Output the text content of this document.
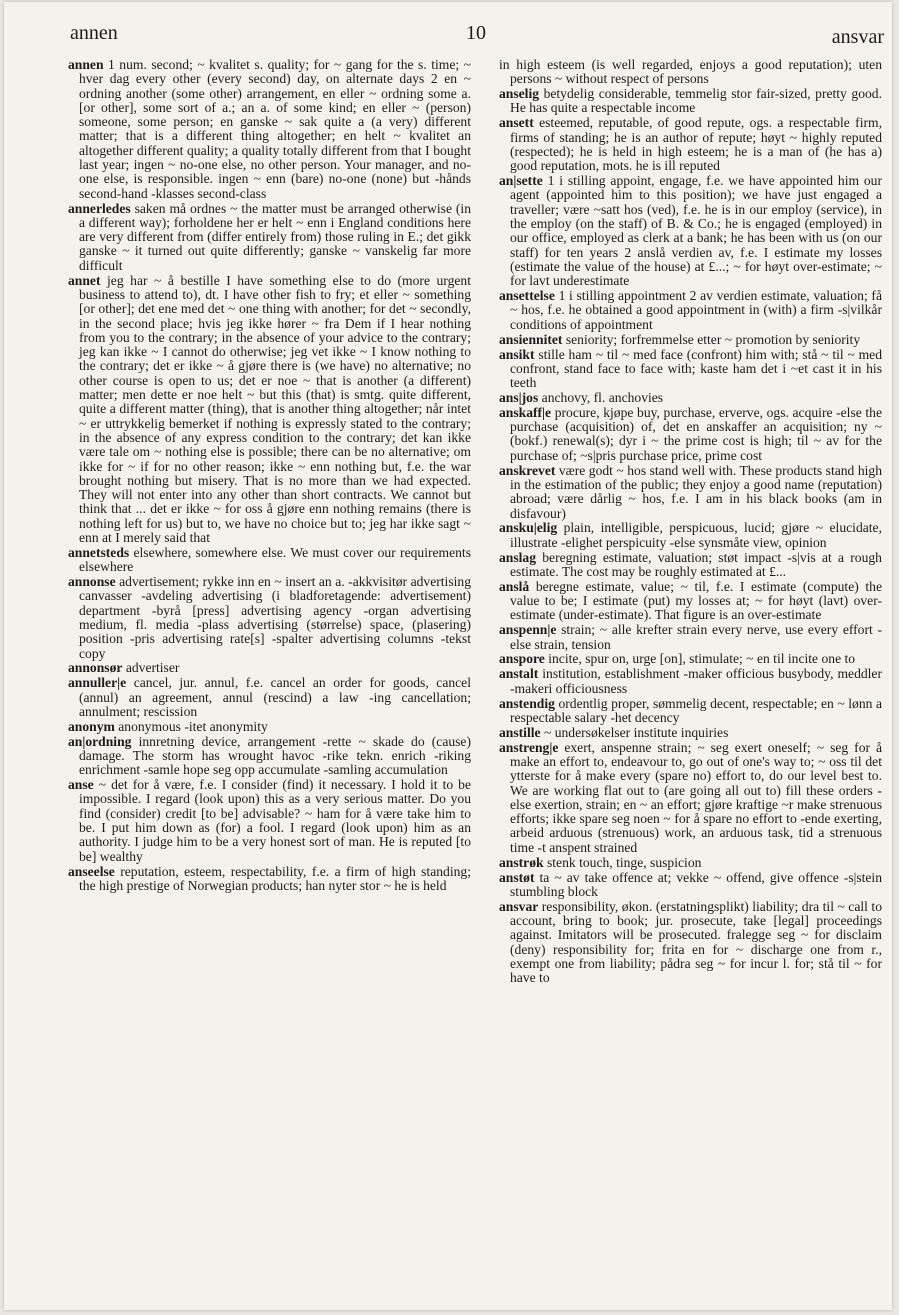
annen	10	ansvar

annen 1 num. second; ~ kvalitet s. quality; for ~ gang for the s. time; ~ hver dag every other (every second) day, on alternate days 2 en ~ ordning another (some other) arrangement, en eller ~ ordning some a. [or other], some sort of a.; an a. of some kind; en eller ~ (person) someone, some person; en ganske ~ sak quite a (a very) different matter; that is a different thing altogether; en helt ~ kvalitet an altogether different quality; a quality totally different from that I bought last year; ingen ~ no-one else, no other person. Your manager, and no-one else, is responsible. ingen ~ enn (bare) no-one (none) but -hånds second-hand -klasses second-class

annerledes saken må ordnes ~ the matter must be arranged otherwise (in a different way); forholdene her er helt ~ enn i England conditions here are very different from (differ entirely from) those ruling in E.; det gikk ganske ~ it turned out quite differently; ganske ~ vanskelig far more difficult

annet jeg har ~ å bestille I have something else to do (more urgent business to attend to), dt. I have other fish to fry; et eller ~ something [or other]; det ene med det ~ one thing with another; for det ~ secondly, in the second place; hvis jeg ikke hører ~ fra Dem if I hear nothing from you to the contrary; in the absence of your advice to the contrary; jeg kan ikke ~ I cannot do otherwise; jeg vet ikke ~ I know nothing to the contrary; det er ikke ~ å gjøre there is (we have) no alternative; no other course is open to us; det er noe ~ that is another (a different) matter; men dette er noe helt ~ but this (that) is smtg. quite different, quite a different matter (thing), that is another thing altogether; når intet ~ er uttrykkelig bemerket if nothing is expressly stated to the contrary; in the absence of any express condition to the contrary; det kan ikke være tale om ~ nothing else is possible; there can be no alternative; om ikke for ~ if for no other reason; ikke ~ enn nothing but, f.e. the war brought nothing but misery. That is no more than we had expected. They will not enter into any other than short contracts. We cannot but think that ... det er ikke ~ for oss å gjøre enn nothing remains (there is nothing left for us) but to, we have no choice but to; jeg har ikke sagt ~ enn at I merely said that

annetsteds elsewhere, somewhere else. We must cover our requirements elsewhere

annonse advertisement; rykke inn en ~ insert an a. -akkvisitør advertising canvasser -avdeling advertising (i bladforetagende: advertisement) department -byrå [press] advertising agency -organ advertising medium, fl. media -plass advertising (størrelse) space, (plasering) position -pris advertising rate[s] -spalter advertising columns -tekst copy

annonsør advertiser

annuller|e cancel, jur. annul, f.e. cancel an order for goods, cancel (annul) an agreement, annul (rescind) a law -ing cancellation; annulment; rescission

anonym anonymous -itet anonymity

an|ordning innretning device, arrangement -rette ~ skade do (cause) damage. The storm has wrought havoc -rike tekn. enrich -riking enrichment -samle hope seg opp accumulate -samling accumulation

anse ~ det for å være, f.e. I consider (find) it necessary. I hold it to be impossible. I regard (look upon) this as a very serious matter. Do you find (consider) credit [to be] advisable? ~ ham for å være take him to be. I put him down as (for) a fool. I regard (look upon) him as an authority. I judge him to be a very honest sort of man. He is reputed [to be] wealthy

anseelse reputation, esteem, respectability, f.e. a firm of high standing; the high prestige of Norwegian products; han nyter stor ~ he is held

in high esteem (is well regarded, enjoys a good reputation); uten persons ~ without respect of persons

anselig betydelig considerable, temmelig stor fair-sized, pretty good. He has quite a respectable income

ansett esteemed, reputable, of good repute, ogs. a respectable firm, firms of standing; he is an author of repute; høyt ~ highly reputed (respected); he is held in high esteem; he is a man of (he has a) good reputation, mots. he is ill reputed

an|sette 1 i stilling appoint, engage, f.e. we have appointed him our agent (appointed him to this position); we have just engaged a traveller; være ~satt hos (ved), f.e. he is in our employ (service), in the employ (on the staff) of B. & Co.; he is engaged (employed) in our office, employed as clerk at a bank; he has been with us (on our staff) for ten years 2 anslå verdien av, f.e. I estimate my losses (estimate the value of the house) at £...; ~ for høyt over-estimate; ~ for lavt underestimate

ansettelse 1 i stilling appointment 2 av verdien estimate, valuation; få ~ hos, f.e. he obtained a good appointment in (with) a firm -s|vilkår conditions of appointment

ansiennitet seniority; forfremmelse etter ~ promotion by seniority

ansikt stille ham ~ til ~ med face (confront) him with; stå ~ til ~ med confront, stand face to face with; kaste ham det i ~et cast it in his teeth

ans|jos anchovy, fl. anchovies

anskaff|e procure, kjøpe buy, purchase, erverve, ogs. acquire -else the purchase (acquisition) of, det en anskaffer an acquisition; ny ~ (bokf.) renewal(s); dyr i ~ the prime cost is high; til ~ av for the purchase of; ~s|pris purchase price, prime cost

anskrevet være godt ~ hos stand well with. These products stand high in the estimation of the public; they enjoy a good name (reputation) abroad; være dårlig ~ hos, f.e. I am in his black books (am in disfavour)

ansku|elig plain, intelligible, perspicuous, lucid; gjøre ~ elucidate, illustrate -elighet perspicuity -else synsmåte view, opinion

anslag beregning estimate, valuation; støt impact -s|vis at a rough estimate. The cost may be roughly estimated at £...

anslå beregne estimate, value; ~ til, f.e. I estimate (compute) the value to be; I estimate (put) my losses at; ~ for høyt (lavt) over-estimate (under-estimate). That figure is an over-estimate

anspenn|e strain; ~ alle krefter strain every nerve, use every effort -else strain, tension

anspore incite, spur on, urge [on], stimulate; ~ en til incite one to

anstalt institution, establishment -maker officious busybody, meddler -makeri officiousness

anstendig ordentlig proper, sømmelig decent, respectable; en ~ lønn a respectable salary -het decency

anstille ~ undersøkelser institute inquiries

anstreng|e exert, anspenne strain; ~ seg exert oneself; ~ seg for å make an effort to, endeavour to, go out of one's way to; ~ oss til det ytterste for å make every (spare no) effort to, do our level best to. We are working flat out to (are going all out to) fill these orders -else exertion, strain; en ~ an effort; gjøre kraftige ~r make strenuous efforts; ikke spare seg noen ~ for å spare no effort to -ende exerting, arbeid arduous (strenuous) work, an arduous task, tid a strenuous time -t anspent strained

anstrøk stenk touch, tinge, suspicion

anstøt ta ~ av take offence at; vekke ~ offend, give offence -s|stein stumbling block

ansvar responsibility, økon. (erstatningsplikt) liability; dra til ~ call to account, bring to book; jur. prosecute, take [legal] proceedings against. Imitators will be prosecuted. fralegge seg ~ for disclaim (deny) responsibility for; frita en for ~ discharge one from r., exempt one from liability; pådra seg ~ for incur l. for; stå til ~ for have to
